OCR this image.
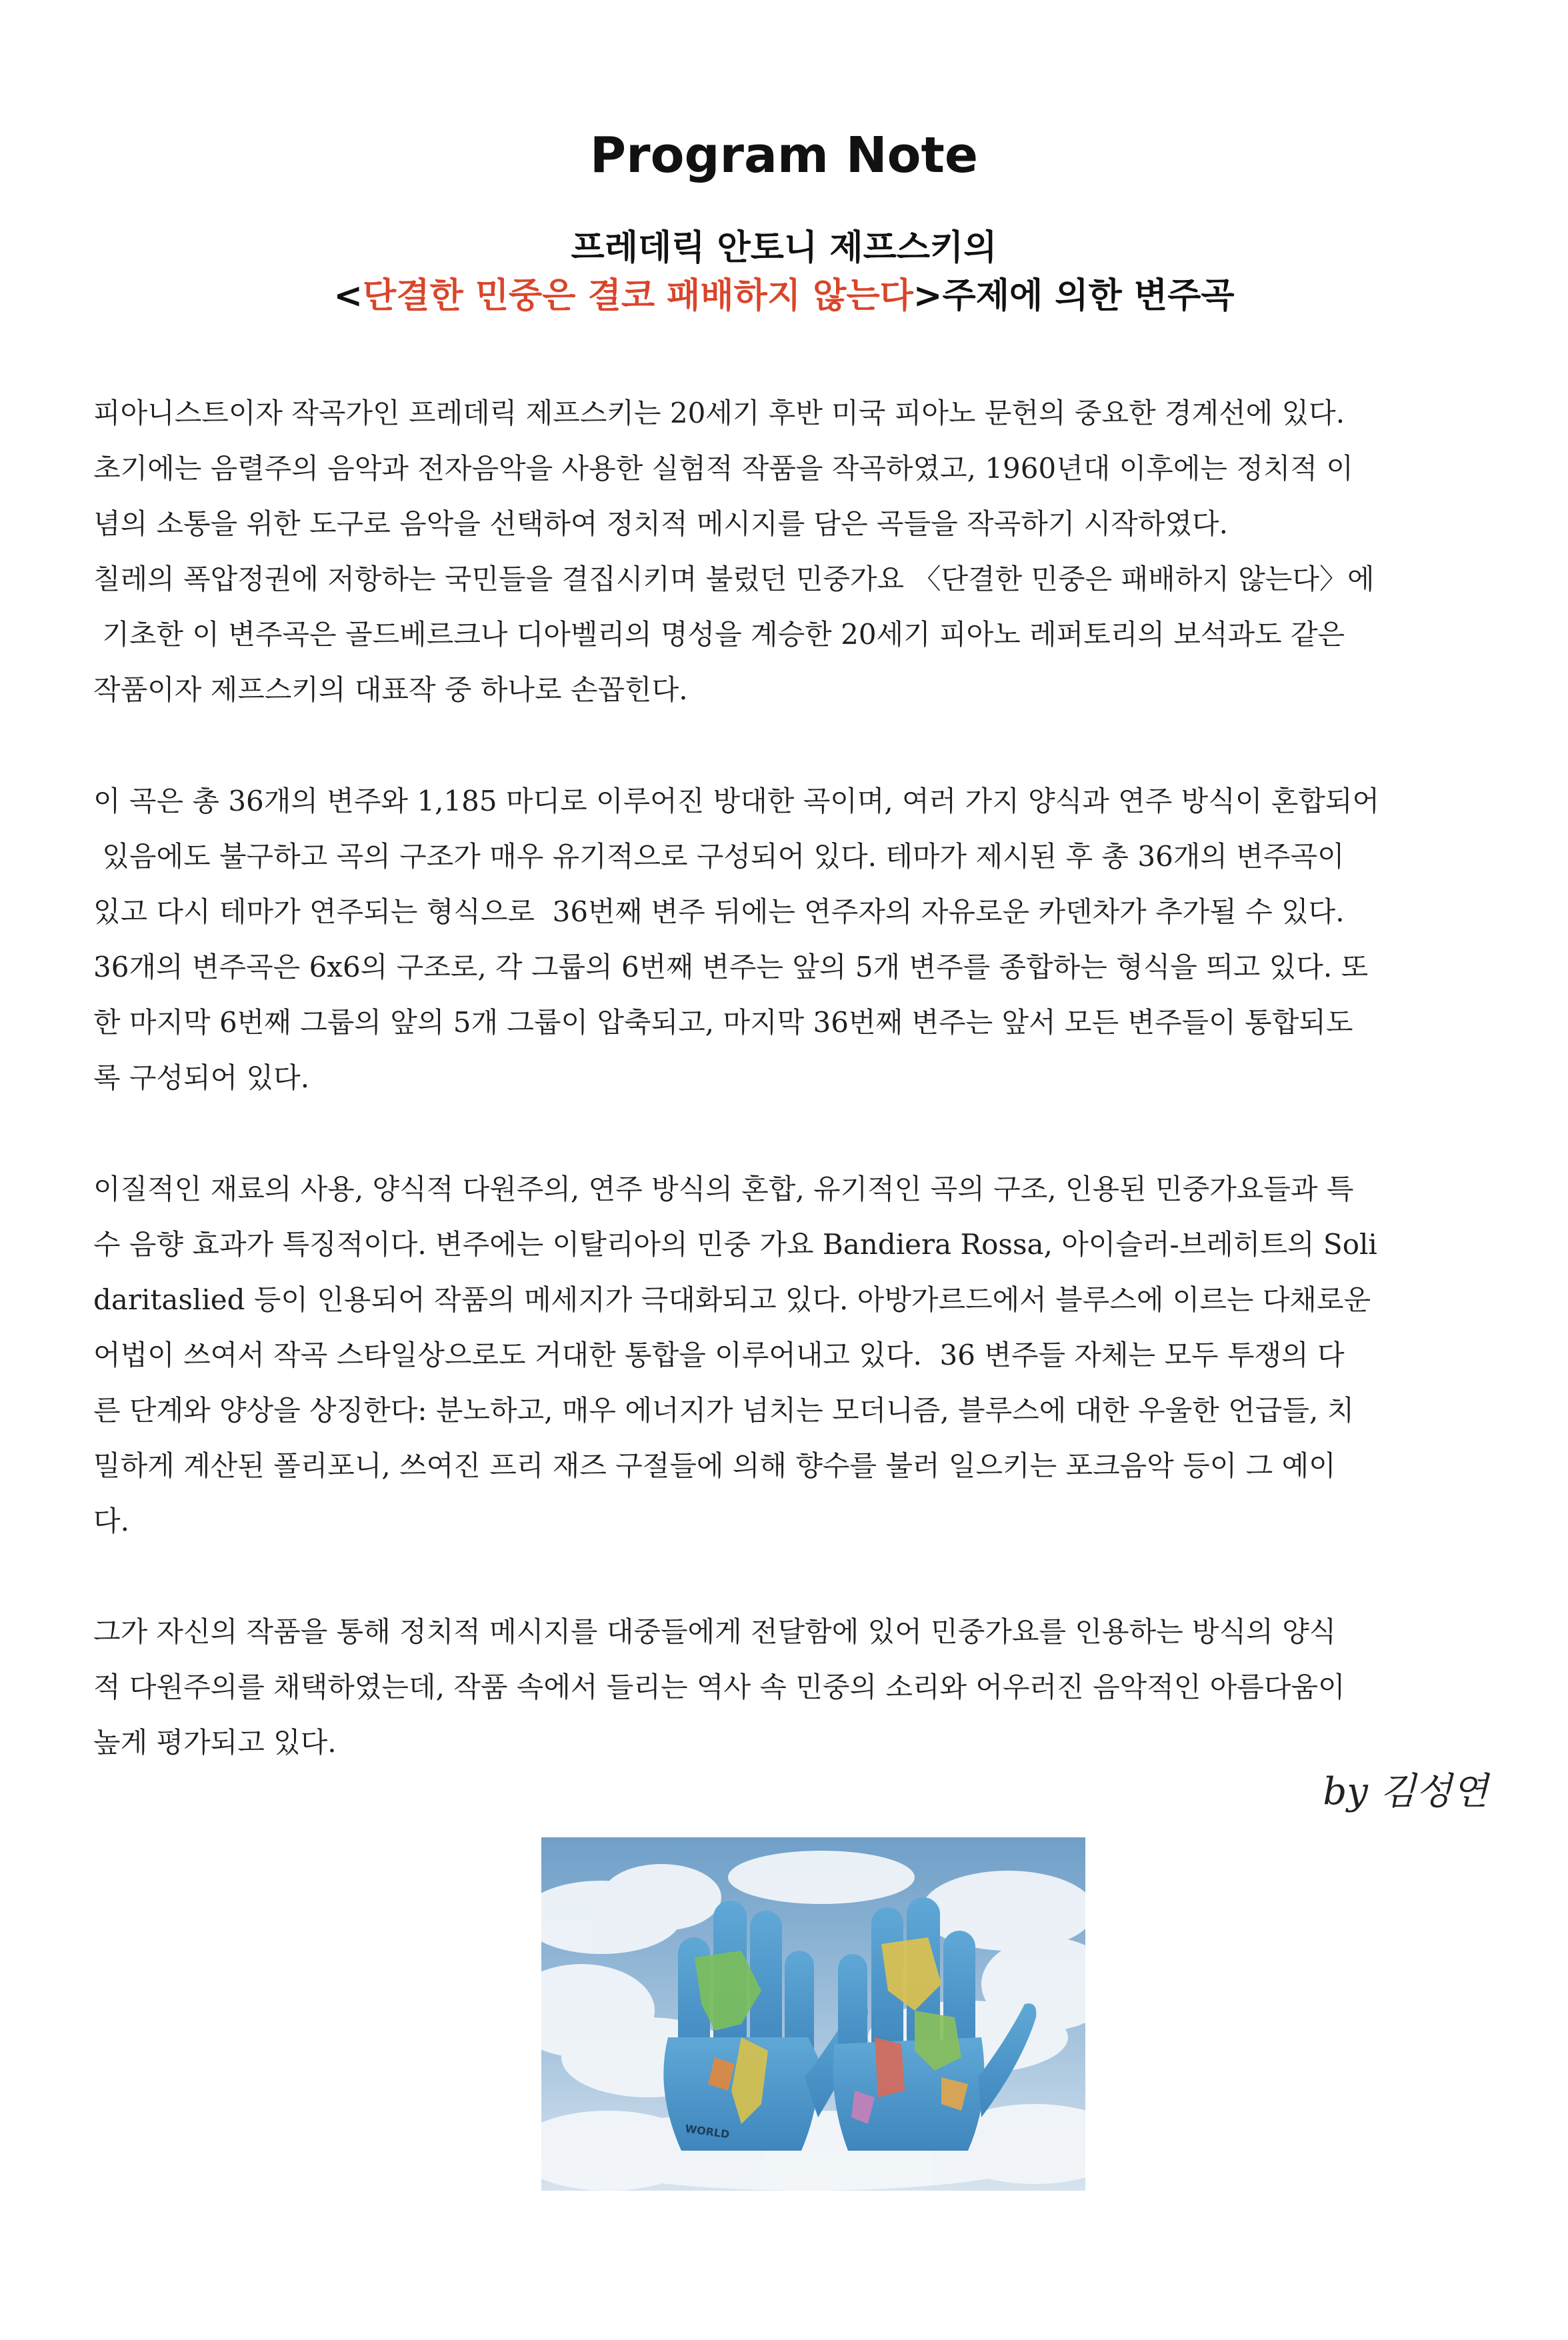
Program Note
프레데릭 안토니 제프스키의
<단결한 민중은 결코 패배하지 않는다>주제에 의한 변주곡
피아니스트이자 작곡가인 프레데릭 제프스키는 20세기 후반 미국 피아노 문헌의 중요한 경계선에 있다.
초기에는 음렬주의 음악과 전자음악을 사용한 실험적 작품을 작곡하였고, 1960년대 이후에는 정치적 이
념의 소통을 위한 도구로 음악을 선택하여 정치적 메시지를 담은 곡들을 작곡하기 시작하였다.
칠레의 폭압정권에 저항하는 국민들을 결집시키며 불렀던 민중가요 〈단결한 민중은 패배하지 않는다〉에
기초한 이 변주곡은 골드베르크나 디아벨리의 명성을 계승한 20세기 피아노 레퍼토리의 보석과도 같은
작품이자 제프스키의 대표작 중 하나로 손꼽힌다.
이 곡은 총 36개의 변주와 1,185 마디로 이루어진 방대한 곡이며, 여러 가지 양식과 연주 방식이 혼합되어
있음에도 불구하고 곡의 구조가 매우 유기적으로 구성되어 있다. 테마가 제시된 후 총 36개의 변주곡이
있고 다시 테마가 연주되는 형식으로  36번째 변주 뒤에는 연주자의 자유로운 카덴차가 추가될 수 있다.
36개의 변주곡은 6x6의 구조로, 각 그룹의 6번째 변주는 앞의 5개 변주를 종합하는 형식을 띄고 있다. 또
한 마지막 6번째 그룹의 앞의 5개 그룹이 압축되고, 마지막 36번째 변주는 앞서 모든 변주들이 통합되도
록 구성되어 있다.
이질적인 재료의 사용, 양식적 다원주의, 연주 방식의 혼합, 유기적인 곡의 구조, 인용된 민중가요들과 특
수 음향 효과가 특징적이다. 변주에는 이탈리아의 민중 가요 Bandiera Rossa, 아이슬러-브레히트의 Soli
daritaslied 등이 인용되어 작품의 메세지가 극대화되고 있다. 아방가르드에서 블루스에 이르는 다채로운
어법이 쓰여서 작곡 스타일상으로도 거대한 통합을 이루어내고 있다.  36 변주들 자체는 모두 투쟁의 다
른 단계와 양상을 상징한다: 분노하고, 매우 에너지가 넘치는 모더니즘, 블루스에 대한 우울한 언급들, 치
밀하게 계산된 폴리포니, 쓰여진 프리 재즈 구절들에 의해 향수를 불러 일으키는 포크음악 등이 그 예이
다.
그가 자신의 작품을 통해 정치적 메시지를 대중들에게 전달함에 있어 민중가요를 인용하는 방식의 양식
적 다원주의를 채택하였는데, 작품 속에서 들리는 역사 속 민중의 소리와 어우러진 음악적인 아름다움이
높게 평가되고 있다.
by 김성연
WORLD
